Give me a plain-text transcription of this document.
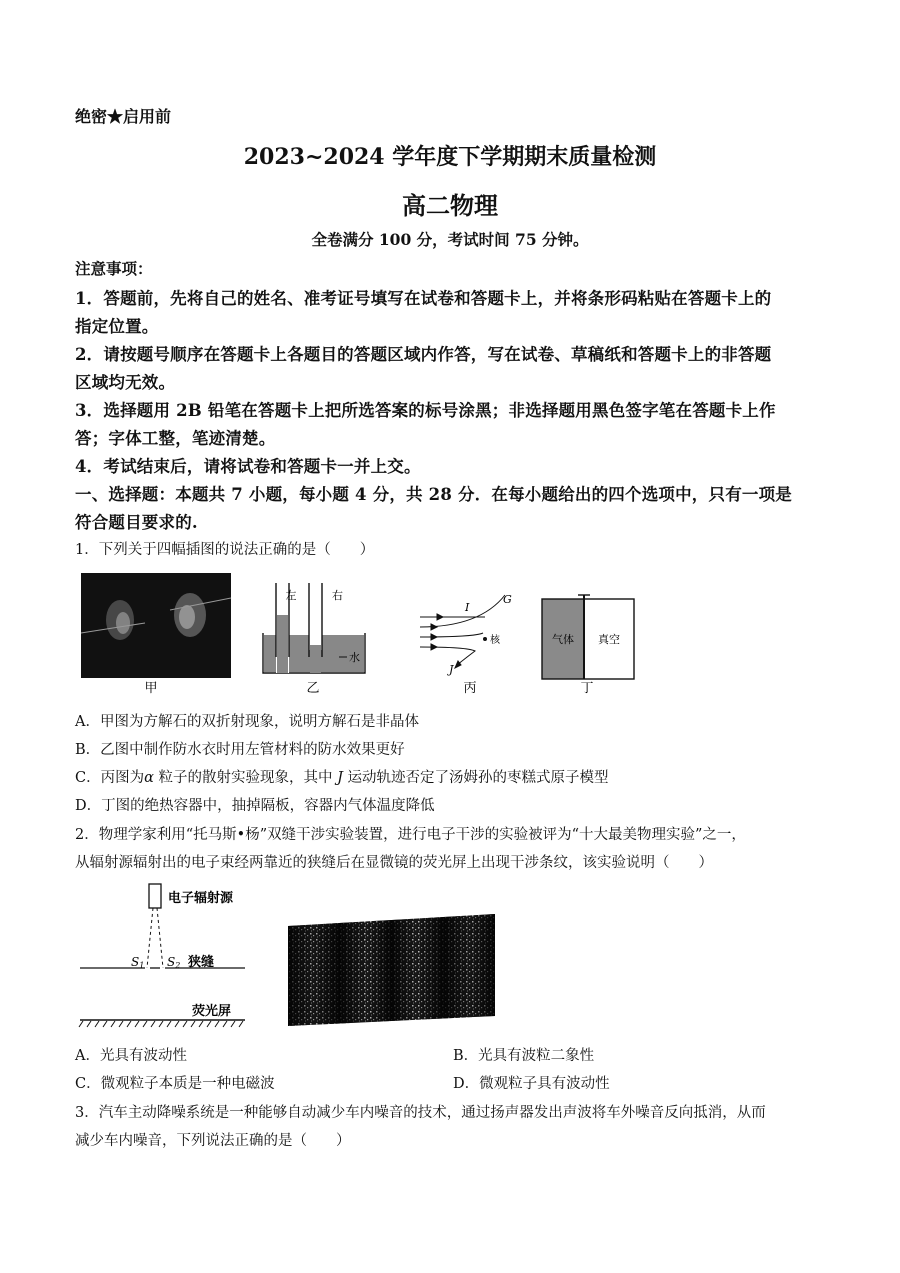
绝密★启用前
2023~2024 学年度下学期期末质量检测
高二物理
全卷满分 100 分，考试时间 75 分钟。
注意事项：
1．答题前，先将自己的姓名、准考证号填写在试卷和答题卡上，并将条形码粘贴在答题卡上的
指定位置。
2．请按题号顺序在答题卡上各题目的答题区域内作答，写在试卷、草稿纸和答题卡上的非答题
区域均无效。
3．选择题用 2B 铅笔在答题卡上把所选答案的标号涂黑；非选择题用黑色签字笔在答题卡上作
答；字体工整，笔迹清楚。
4．考试结束后，请将试卷和答题卡一并上交。
一、选择题：本题共 7 小题，每小题 4 分，共 28 分．在每小题给出的四个选项中，只有一项是
符合题目要求的.
1．下列关于四幅插图的说法正确的是（　　）
甲
左	右
水
乙
I
G
核
J
丙
气体 真空
丁
A．甲图为方解石的双折射现象，说明方解石是非晶体
B．乙图中制作防水衣时用左管材料的防水效果更好
C．丙图为α 粒子的散射实验现象，其中 J 运动轨迹否定了汤姆孙的枣糕式原子模型
D．丁图的绝热容器中，抽掉隔板，容器内气体温度降低
2．物理学家利用“托马斯•杨”双缝干涉实验装置，进行电子干涉的实验被评为“十大最美物理实验”之一，
从辐射源辐射出的电子束经两靠近的狭缝后在显微镜的荧光屏上出现干涉条纹，该实验说明（　　）
电子辐射源
S1 S2 狭缝
荧光屏
A．光具有波动性	B．光具有波粒二象性
C．微观粒子本质是一种电磁波	D．微观粒子具有波动性
3．汽车主动降噪系统是一种能够自动减少车内噪音的技术，通过扬声器发出声波将车外噪音反向抵消，从而
减少车内噪音，下列说法正确的是（　　）
